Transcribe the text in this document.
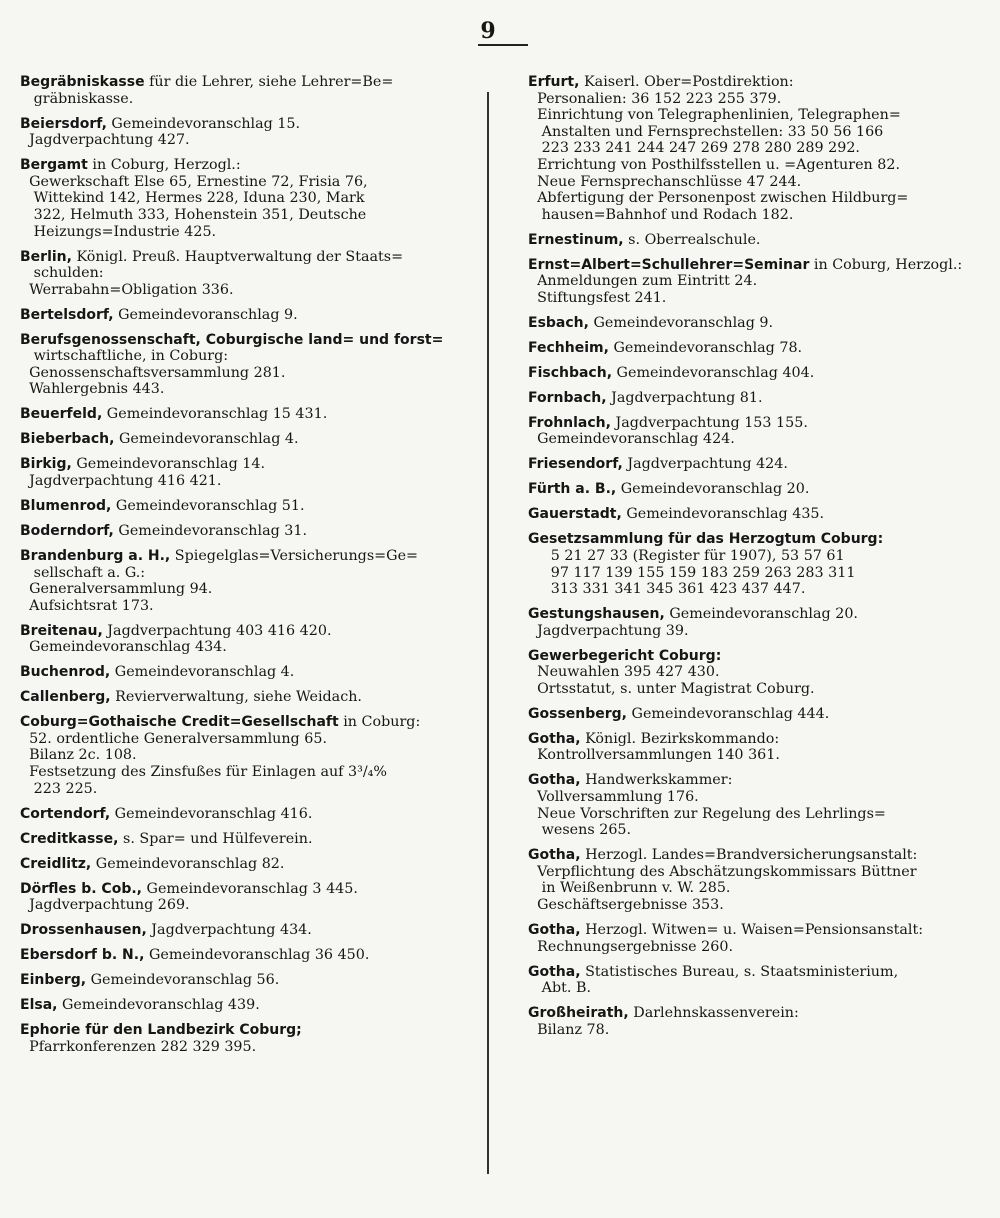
9
Begräbniskasse für die Lehrer, siehe Lehrer=Be=
gräbniskasse.
Beiersdorf, Gemeindevoranschlag 15.
Jagdverpachtung 427.
Bergamt in Coburg, Herzogl.:
Gewerkschaft Else 65, Ernestine 72, Frisia 76,
Wittekind 142, Hermes 228, Iduna 230, Mark
322, Helmuth 333, Hohenstein 351, Deutsche
Heizungs=Industrie 425.
Berlin, Königl. Preuß. Hauptverwaltung der Staats=
schulden:
Werrabahn=Obligation 336.
Bertelsdorf, Gemeindevoranschlag 9.
Berufsgenossenschaft, Coburgische land= und forst=
wirtschaftliche, in Coburg:
Genossenschaftsversammlung 281.
Wahlergebnis 443.
Beuerfeld, Gemeindevoranschlag 15 431.
Bieberbach, Gemeindevoranschlag 4.
Birkig, Gemeindevoranschlag 14.
Jagdverpachtung 416 421.
Blumenrod, Gemeindevoranschlag 51.
Boderndorf, Gemeindevoranschlag 31.
Brandenburg a. H., Spiegelglas=Versicherungs=Ge=
sellschaft a. G.:
Generalversammlung 94.
Aufsichtsrat 173.
Breitenau, Jagdverpachtung 403 416 420.
Gemeindevoranschlag 434.
Buchenrod, Gemeindevoranschlag 4.
Callenberg, Revierverwaltung, siehe Weidach.
Coburg=Gothaische Credit=Gesellschaft in Coburg:
52. ordentliche Generalversammlung 65.
Bilanz 2c. 108.
Festsetzung des Zinsfußes für Einlagen auf 3³/₄%
223 225.
Cortendorf, Gemeindevoranschlag 416.
Creditkasse, s. Spar= und Hülfeverein.
Creidlitz, Gemeindevoranschlag 82.
Dörfles b. Cob., Gemeindevoranschlag 3 445.
Jagdverpachtung 269.
Drossenhausen, Jagdverpachtung 434.
Ebersdorf b. N., Gemeindevoranschlag 36 450.
Einberg, Gemeindevoranschlag 56.
Elsa, Gemeindevoranschlag 439.
Ephorie für den Landbezirk Coburg;
Pfarrkonferenzen 282 329 395.
Erfurt, Kaiserl. Ober=Postdirektion:
Personalien: 36 152 223 255 379.
Einrichtung von Telegraphenlinien, Telegraphen=
Anstalten und Fernsprechstellen: 33 50 56 166
223 233 241 244 247 269 278 280 289 292.
Errichtung von Posthilfsstellen u. =Agenturen 82.
Neue Fernsprechanschlüsse 47 244.
Abfertigung der Personenpost zwischen Hildburg=
hausen=Bahnhof und Rodach 182.
Ernestinum, s. Oberrealschule.
Ernst=Albert=Schullehrer=Seminar in Coburg, Herzogl.:
Anmeldungen zum Eintritt 24.
Stiftungsfest 241.
Esbach, Gemeindevoranschlag 9.
Fechheim, Gemeindevoranschlag 78.
Fischbach, Gemeindevoranschlag 404.
Fornbach, Jagdverpachtung 81.
Frohnlach, Jagdverpachtung 153 155.
Gemeindevoranschlag 424.
Friesendorf, Jagdverpachtung 424.
Fürth a. B., Gemeindevoranschlag 20.
Gauerstadt, Gemeindevoranschlag 435.
Gesetzsammlung für das Herzogtum Coburg:
5 21 27 33 (Register für 1907), 53 57 61
97 117 139 155 159 183 259 263 283 311
313 331 341 345 361 423 437 447.
Gestungshausen, Gemeindevoranschlag 20.
Jagdverpachtung 39.
Gewerbegericht Coburg:
Neuwahlen 395 427 430.
Ortsstatut, s. unter Magistrat Coburg.
Gossenberg, Gemeindevoranschlag 444.
Gotha, Königl. Bezirkskommando:
Kontrollversammlungen 140 361.
Gotha, Handwerkskammer:
Vollversammlung 176.
Neue Vorschriften zur Regelung des Lehrlings=
wesens 265.
Gotha, Herzogl. Landes=Brandversicherungsanstalt:
Verpflichtung des Abschätzungskommissars Büttner
in Weißenbrunn v. W. 285.
Geschäftsergebnisse 353.
Gotha, Herzogl. Witwen= u. Waisen=Pensionsanstalt:
Rechnungsergebnisse 260.
Gotha, Statistisches Bureau, s. Staatsministerium,
Abt. B.
Großheirath, Darlehnskassenverein:
Bilanz 78.
